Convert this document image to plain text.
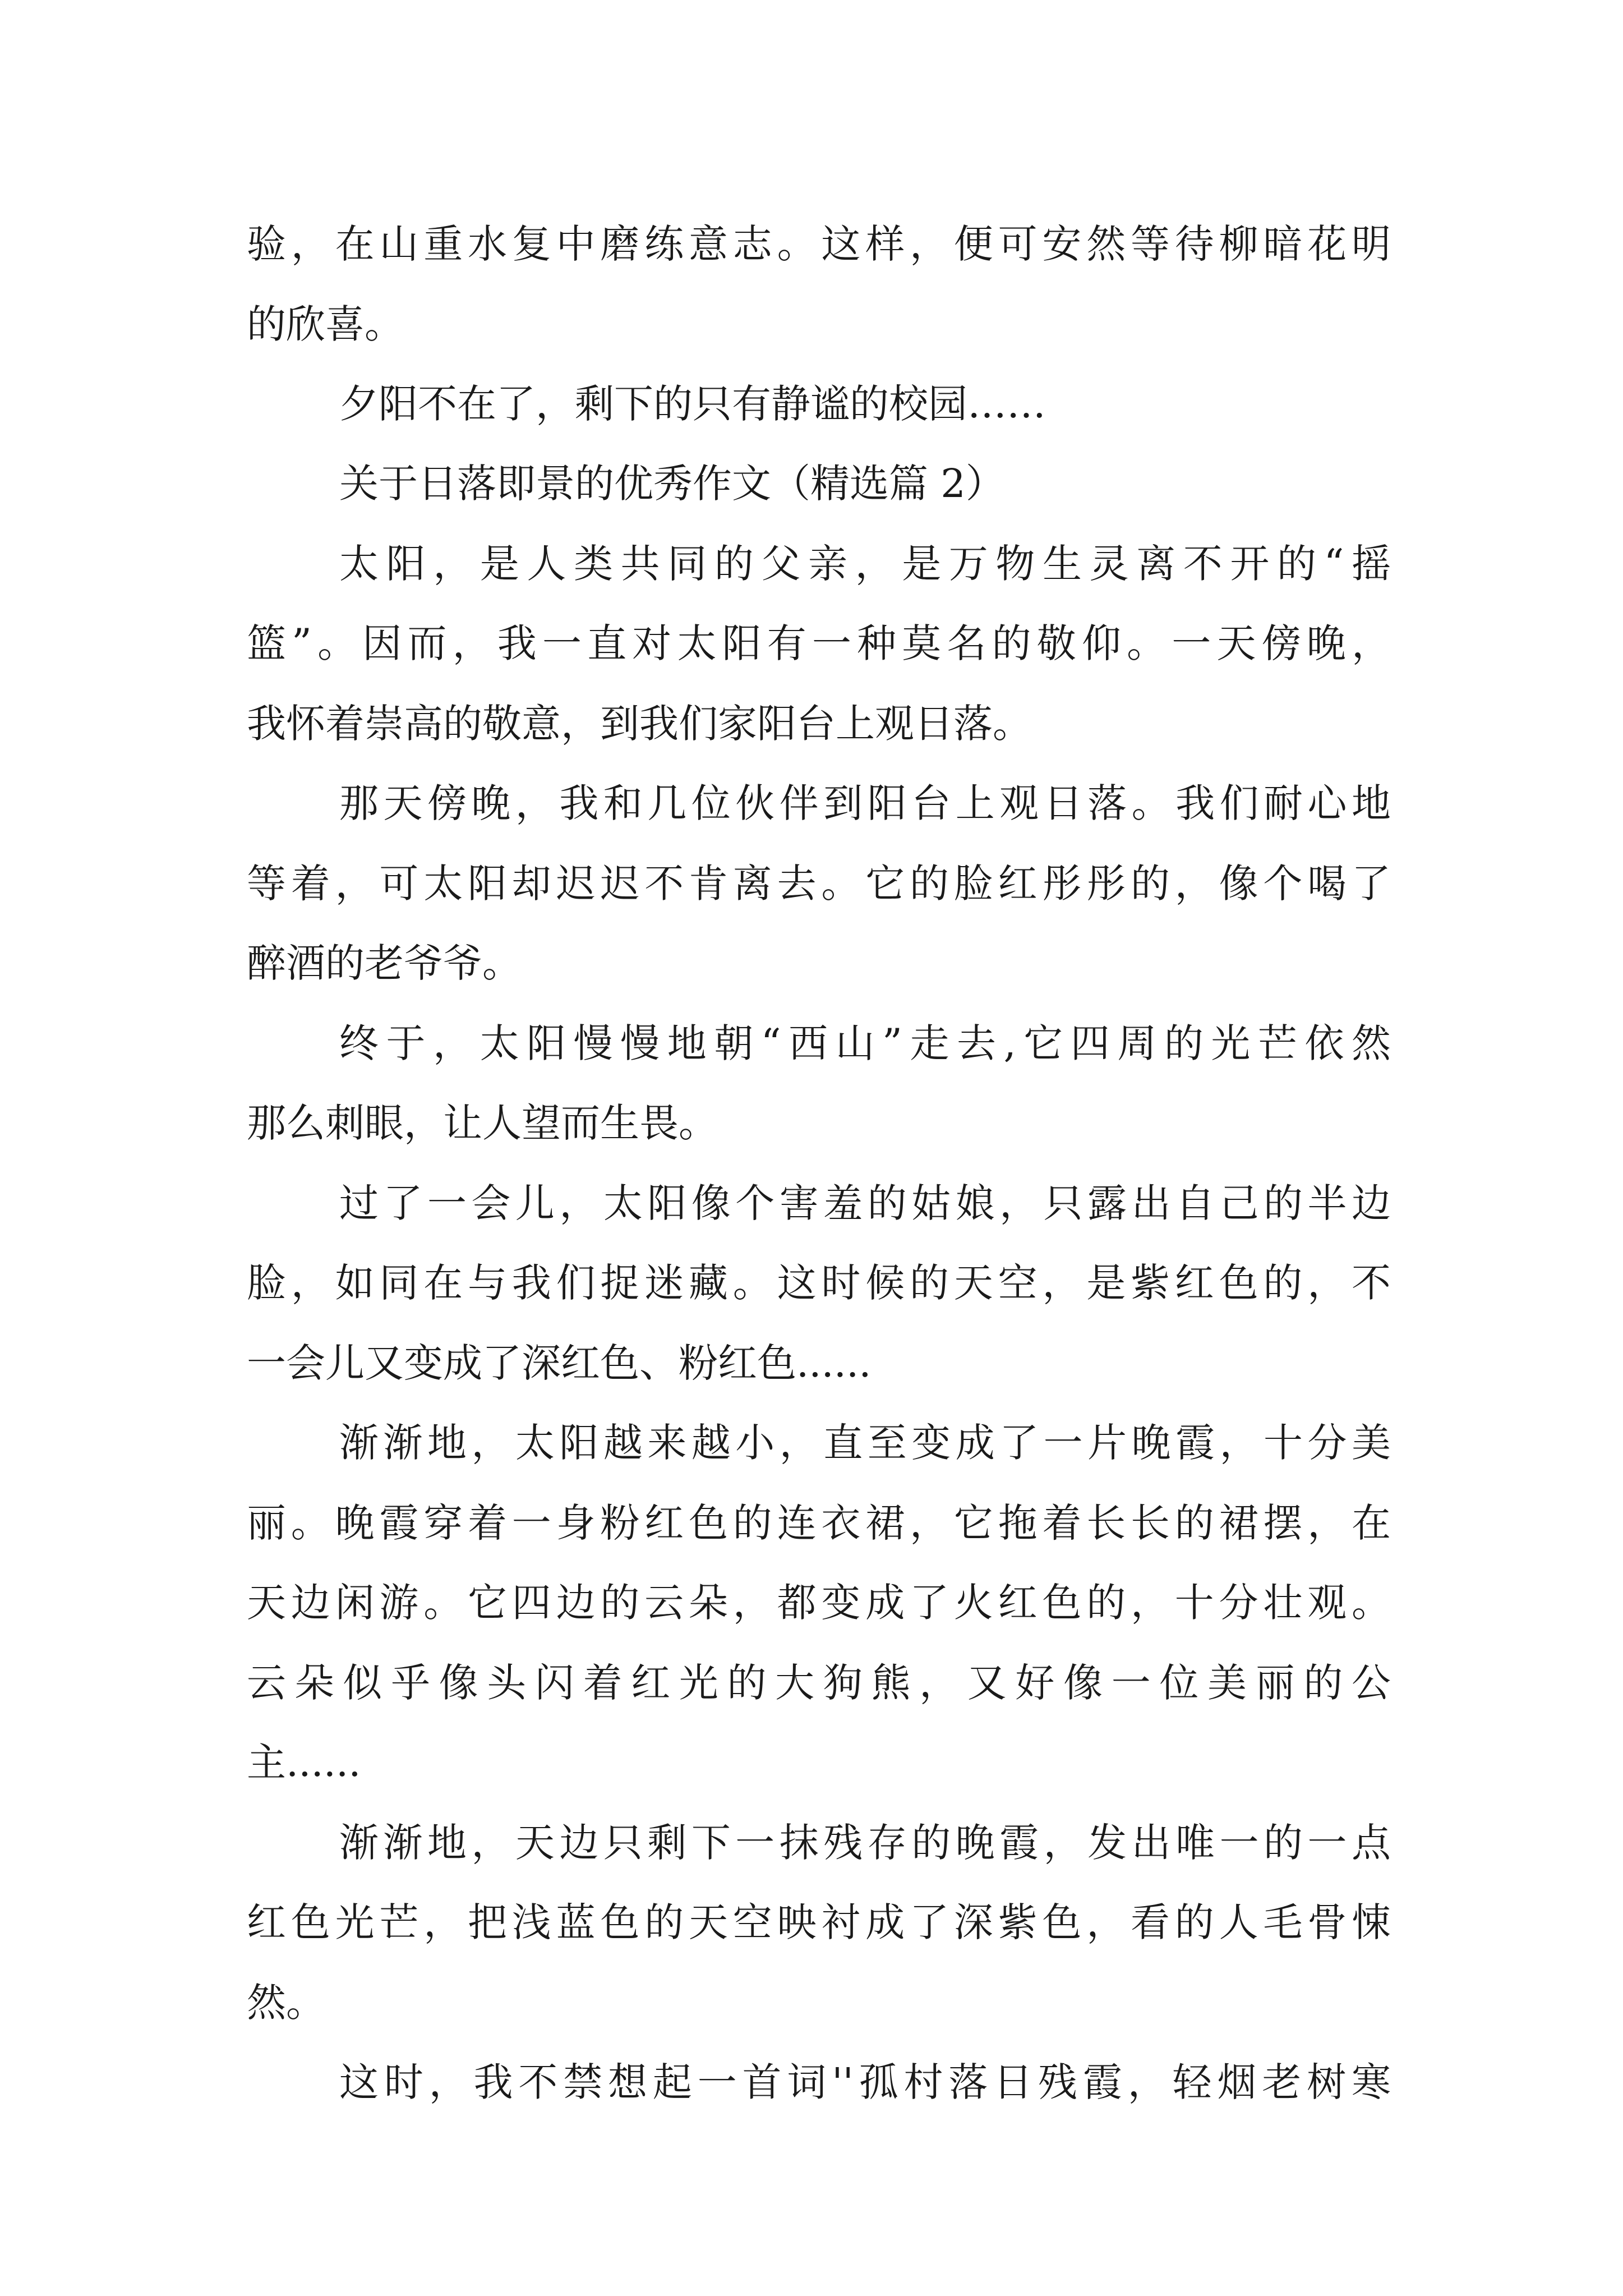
验，在山重水复中磨练意志。这样，便可安然等待柳暗花明
的欣喜。
夕阳不在了，剩下的只有静谧的校园……
关于日落即景的优秀作文（精选篇 2）
太阳，是人类共同的父亲，是万物生灵离不开的“摇
篮”。因而，我一直对太阳有一种莫名的敬仰。一天傍晚，
我怀着崇高的敬意，到我们家阳台上观日落。
那天傍晚，我和几位伙伴到阳台上观日落。我们耐心地
等着，可太阳却迟迟不肯离去。它的脸红彤彤的，像个喝了
醉酒的老爷爷。
终于，太阳慢慢地朝“西山”走去,它四周的光芒依然
那么刺眼，让人望而生畏。
过了一会儿，太阳像个害羞的姑娘，只露出自己的半边
脸，如同在与我们捉迷藏。这时候的天空，是紫红色的，不
一会儿又变成了深红色、粉红色......
渐渐地，太阳越来越小，直至变成了一片晚霞，十分美
丽。晚霞穿着一身粉红色的连衣裙，它拖着长长的裙摆，在
天边闲游。它四边的云朵，都变成了火红色的，十分壮观。
云朵似乎像头闪着红光的大狗熊，又好像一位美丽的公
主......
渐渐地，天边只剩下一抹残存的晚霞，发出唯一的一点
红色光芒，把浅蓝色的天空映衬成了深紫色，看的人毛骨悚
然。
这时，我不禁想起一首词''孤村落日残霞，轻烟老树寒
